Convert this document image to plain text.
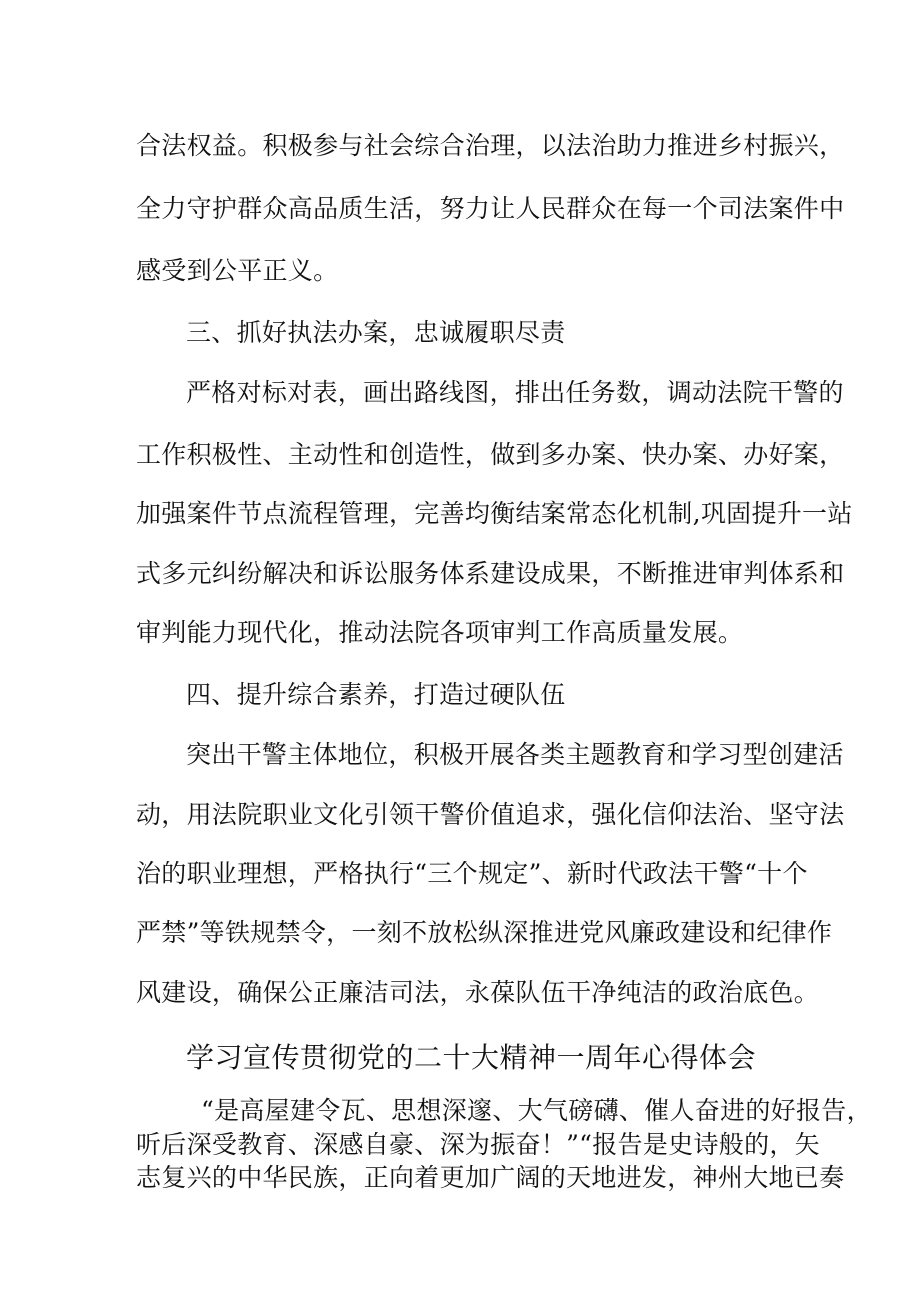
合法权益。积极参与社会综合治理，以法治助力推进乡村振兴，
全力守护群众高品质生活，努力让人民群众在每一个司法案件中
感受到公平正义。
三、抓好执法办案，忠诚履职尽责
严格对标对表，画出路线图，排出任务数，调动法院干警的
工作积极性、主动性和创造性，做到多办案、快办案、办好案，
加强案件节点流程管理，完善均衡结案常态化机制,巩固提升一站
式多元纠纷解决和诉讼服务体系建设成果，不断推进审判体系和
审判能力现代化，推动法院各项审判工作高质量发展。
四、提升综合素养，打造过硬队伍
突出干警主体地位，积极开展各类主题教育和学习型创建活
动，用法院职业文化引领干警价值追求，强化信仰法治、坚守法
治的职业理想，严格执行“三个规定”、新时代政法干警“十个
严禁”等铁规禁令，一刻不放松纵深推进党风廉政建设和纪律作
风建设，确保公正廉洁司法，永葆队伍干净纯洁的政治底色。
学习宣传贯彻党的二十大精神一周年心得体会
“是高屋建令瓦、思想深邃、大气磅礴、催人奋进的好报告，
听后深受教育、深感自豪、深为振奋！”“报告是史诗般的，矢
志复兴的中华民族，正向着更加广阔的天地进发，神州大地已奏
